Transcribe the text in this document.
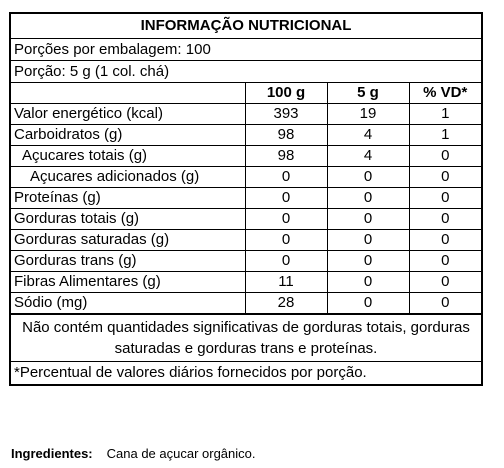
INFORMAÇÃO NUTRICIONAL
Porções por embalagem: 100
Porção: 5 g (1 col. chá)
	100 g	5 g	% VD*
Valor energético (kcal)	393	19	1
Carboidratos (g)	98	4	1
Açucares totais (g)	98	4	0
Açucares adicionados (g)	0	0	0
Proteínas (g)	0	0	0
Gorduras totais (g)	0	0	0
Gorduras saturadas (g)	0	0	0
Gorduras trans (g)	0	0	0
Fibras Alimentares (g)	11	0	0
Sódio (mg)	28	0	0
Não contém quantidades significativas de gorduras totais, gorduras saturadas e gorduras trans e proteínas.
*Percentual de valores diários fornecidos por porção.
Ingredientes: Cana de açucar orgânico.
